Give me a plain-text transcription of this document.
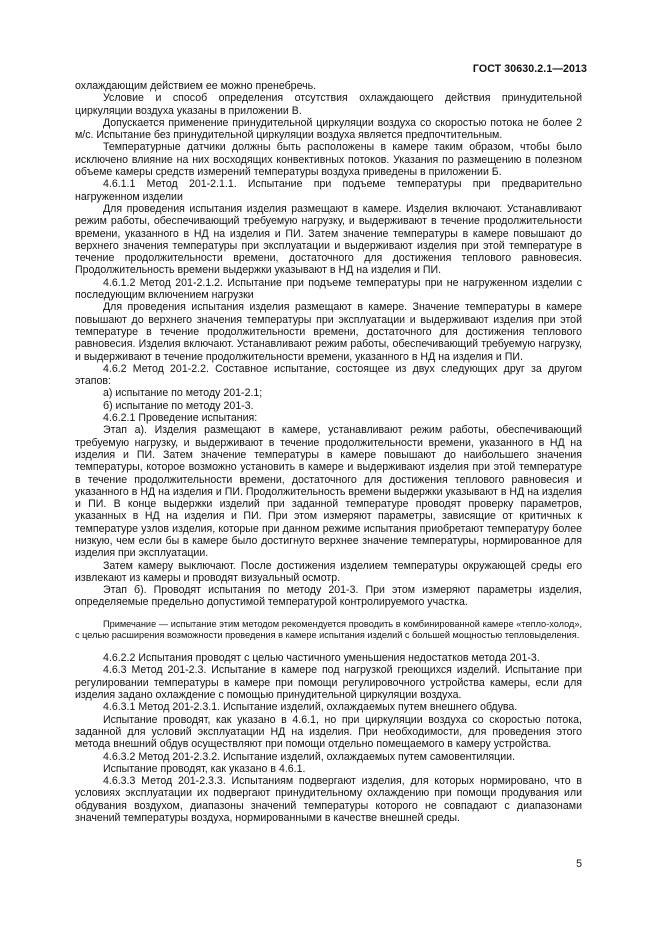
ГОСТ 30630.2.1—2013

охлаждающим действием ее можно пренебречь.

Условие и способ определения отсутствия охлаждающего действия принудительной циркуляции воздуха указаны в приложении В.

Допускается применение принудительной циркуляции воздуха со скоростью потока не более 2 м/с. Испытание без принудительной циркуляции воздуха является предпочтительным.

Температурные датчики должны быть расположены в камере таким образом, чтобы было исключено влияние на них восходящих конвективных потоков. Указания по размещению в полезном объеме камеры средств измерений температуры воздуха приведены в приложении Б.

4.6.1.1 Метод 201-2.1.1. Испытание при подъеме температуры при предварительно нагруженном изделии

Для проведения испытания изделия размещают в камере. Изделия включают. Устанавливают режим работы, обеспечивающий требуемую нагрузку, и выдерживают в течение продолжительности времени, указанного в НД на изделия и ПИ. Затем значение температуры в камере повышают до верхнего значения температуры при эксплуатации и выдерживают изделия при этой температуре в течение продолжительности времени, достаточного для достижения теплового равновесия. Продолжительность времени выдержки указывают в НД на изделия и ПИ.

4.6.1.2 Метод 201-2.1.2. Испытание при подъеме температуры при не нагруженном изделии с последующим включением нагрузки

Для проведения испытания изделия размещают в камере. Значение температуры в камере повышают до верхнего значения температуры при эксплуатации и выдерживают изделия при этой температуре в течение продолжительности времени, достаточного для достижения теплового равновесия. Изделия включают. Устанавливают режим работы, обеспечивающий требуемую нагрузку, и выдерживают в течение продолжительности времени, указанного в НД на изделия и ПИ.

4.6.2 Метод 201-2.2. Составное испытание, состоящее из двух следующих друг за другом этапов:

а) испытание по методу 201-2.1;

б) испытание по методу 201-3.

4.6.2.1 Проведение испытания:

Этап а). Изделия размещают в камере, устанавливают режим работы, обеспечивающий требуемую нагрузку, и выдерживают в течение продолжительности времени, указанного в НД на изделия и ПИ. Затем значение температуры в камере повышают до наибольшего значения температуры, которое возможно установить в камере и выдерживают изделия при этой температуре в течение продолжительности времени, достаточного для достижения теплового равновесия и указанного в НД на изделия и ПИ. Продолжительность времени выдержки указывают в НД на изделия и ПИ. В конце выдержки изделий при заданной температуре проводят проверку параметров, указанных в НД на изделия и ПИ. При этом измеряют параметры, зависящие от критичных к температуре узлов изделия, которые при данном режиме испытания приобретают температуру более низкую, чем если бы в камере было достигнуто верхнее значение температуры, нормированное для изделия при эксплуатации.

Затем камеру выключают. После достижения изделием температуры окружающей среды его извлекают из камеры и проводят визуальный осмотр.

Этап б). Проводят испытания по методу 201-3. При этом измеряют параметры изделия, определяемые предельно допустимой температурой контролируемого участка.

Примечание — испытание этим методом рекомендуется проводить в комбинированной камере «тепло-холод», с целью расширения возможности проведения в камере испытания изделий с большей мощностью тепловыделения.

4.6.2.2 Испытания проводят с целью частичного уменьшения недостатков метода 201-3.

4.6.3 Метод 201-2.3. Испытание в камере под нагрузкой греющихся изделий. Испытание при регулировании температуры в камере при помощи регулировочного устройства камеры, если для изделия задано охлаждение с помощью принудительной циркуляции воздуха.

4.6.3.1 Метод 201-2.3.1. Испытание изделий, охлаждаемых путем внешнего обдува.

Испытание проводят, как указано в 4.6.1, но при циркуляции воздуха со скоростью потока, заданной для условий эксплуатации НД на изделия. При необходимости, для проведения этого метода внешний обдув осуществляют при помощи отдельно помещаемого в камеру устройства.

4.6.3.2 Метод 201-2.3.2. Испытание изделий, охлаждаемых путем самовентиляции.

Испытание проводят, как указано в 4.6.1.

4.6.3.3 Метод 201-2.3.3. Испытаниям подвергают изделия, для которых нормировано, что в условиях эксплуатации их подвергают принудительному охлаждению при помощи продувания или обдувания воздухом, диапазоны значений температуры которого не совпадают с диапазонами значений температуры воздуха, нормированными в качестве внешней среды.

5
